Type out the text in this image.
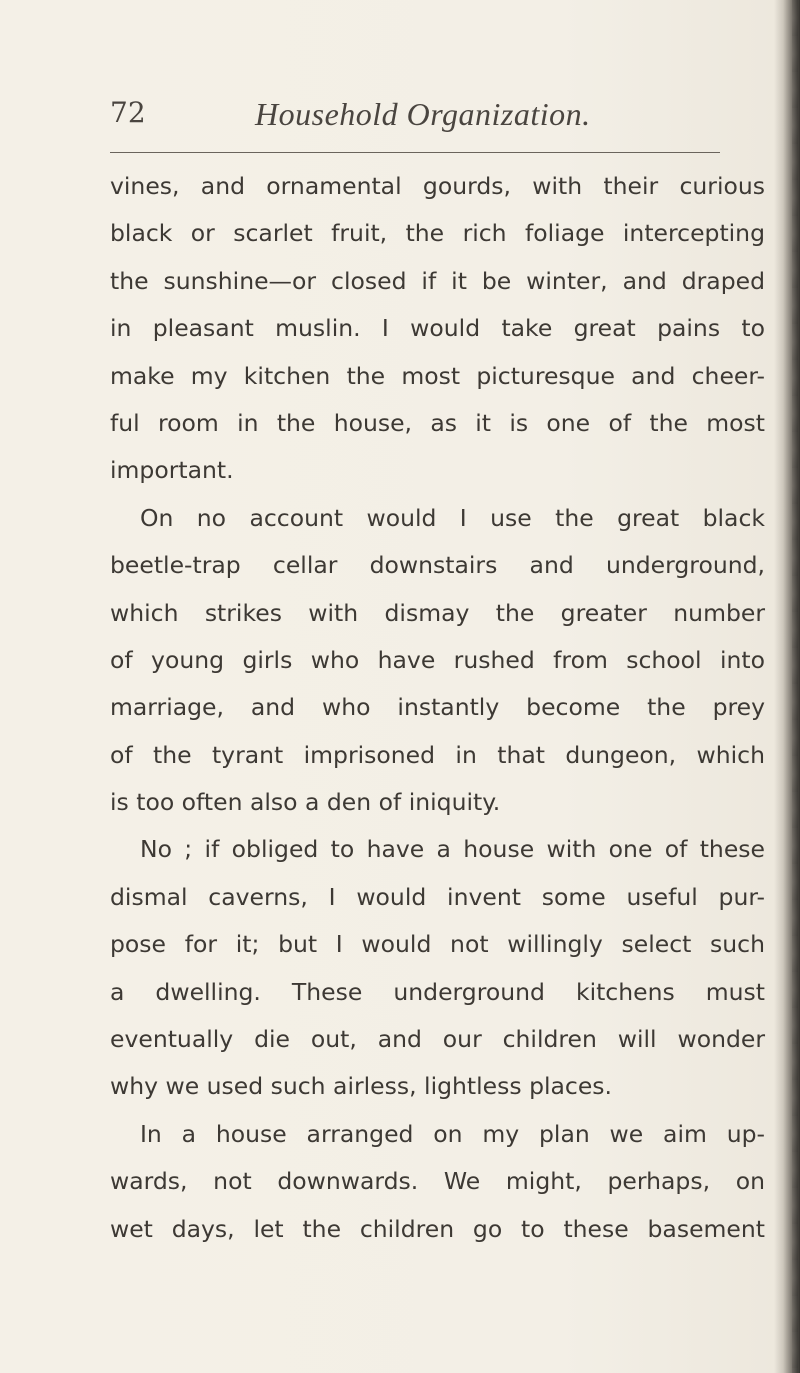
72	Household Organization.
vines, and ornamental gourds, with their curious
black or scarlet fruit, the rich foliage intercepting
the sunshine—or closed if it be winter, and draped
in pleasant muslin. I would take great pains to
make my kitchen the most picturesque and cheer-
ful room in the house, as it is one of the most
important.
On no account would I use the great black
beetle-trap cellar downstairs and underground,
which strikes with dismay the greater number
of young girls who have rushed from school into
marriage, and who instantly become the prey
of the tyrant imprisoned in that dungeon, which
is too often also a den of iniquity.
No ; if obliged to have a house with one of these
dismal caverns, I would invent some useful pur-
pose for it; but I would not willingly select such
a dwelling. These underground kitchens must
eventually die out, and our children will wonder
why we used such airless, lightless places.
In a house arranged on my plan we aim up-
wards, not downwards. We might, perhaps, on
wet days, let the children go to these basement
